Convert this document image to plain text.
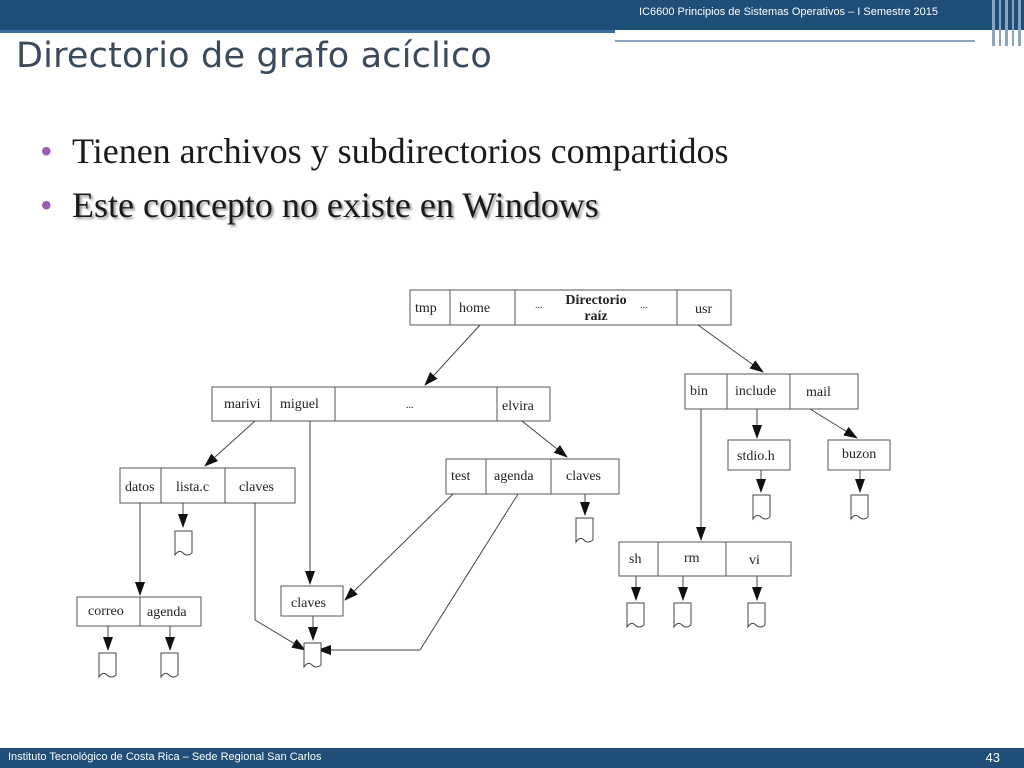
IC6600 Principios de Sistemas Operativos – I Semestre 2015
Directorio de grafo acíclico
• Tienen archivos y subdirectorios compartidos
• Este concepto no existe en Windows
tmp home	... Directorio
raíz
...	usr
marivi miguel	...	elvira
bin include mail
stdio.h	buzon
datos lista.c claves
test agenda claves
sh	rm	vi
correo agenda
claves
Instituto Tecnológico de Costa Rica – Sede Regional San Carlos	43
